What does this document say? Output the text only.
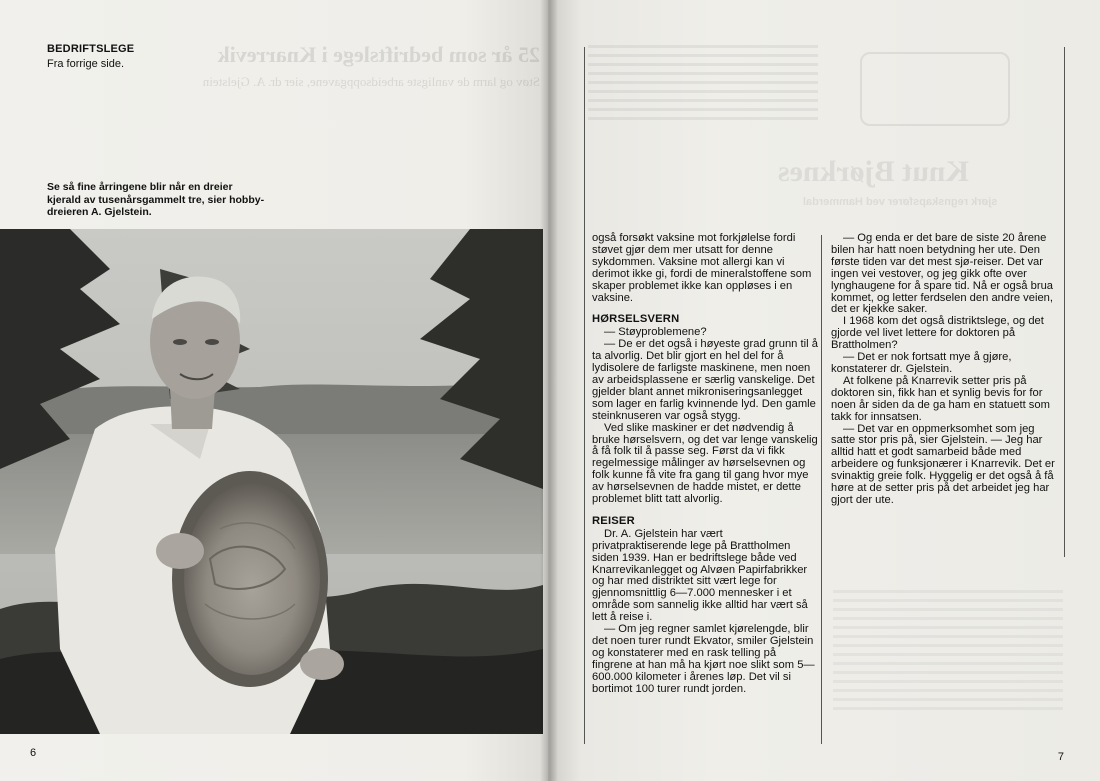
25 år som bedriftslege i Knarrevik
Støv og larm de vanligste arbeidsoppgavene, sier dr. A. Gjelstein
BEDRIFTSLEGE
Fra forrige side.
Se så fine årringene blir når en dreier kjerald av tusenårsgammelt tre, sier hobby-dreieren A. Gjelstein.
6
Knut Bjørknes
sjørk regnskapsfører ved Hammerdal

også forsøkt vaksine mot forkjølelse fordi støvet gjør dem mer utsatt for denne sykdommen. Vaksine mot allergi kan vi derimot ikke gi, fordi de mineralstoffene som skaper problemet ikke kan oppløses i en vaksine.

HØRSELSVERN

— Støyproblemene?

— De er det også i høyeste grad grunn til å ta alvorlig. Det blir gjort en hel del for å lydisolere de farligste maskinene, men noen av arbeidsplassene er særlig vanskelige. Det gjelder blant annet mikroniseringsanlegget som lager en farlig kvinnende lyd. Den gamle steinknuseren var også stygg.

Ved slike maskiner er det nødvendig å bruke hørselsvern, og det var lenge vanskelig å få folk til å passe seg. Først da vi fikk regelmessige målinger av hørselsevnen og folk kunne få vite fra gang til gang hvor mye av hørselsevnen de hadde mistet, er dette problemet blitt tatt alvorlig.

REISER

Dr. A. Gjelstein har vært privatpraktiserende lege på Brattholmen siden 1939. Han er bedriftslege både ved Knarrevikanlegget og Alvøen Papirfabrikker og har med distriktet sitt vært lege for gjennomsnittlig 6—7.000 mennesker i et område som sannelig ikke alltid har vært så lett å reise i.

— Om jeg regner samlet kjørelengde, blir det noen turer rundt Ekvator, smiler Gjelstein og konstaterer med en rask telling på fingrene at han må ha kjørt noe slikt som 5—600.000 kilometer i årenes løp. Det vil si bortimot 100 turer rundt jorden.

— Og enda er det bare de siste 20 årene bilen har hatt noen betydning her ute. Den første tiden var det mest sjø-reiser. Det var ingen vei vestover, og jeg gikk ofte over lynghaugene for å spare tid. Nå er også brua kommet, og letter ferdselen den andre veien, det er kjekke saker.

I 1968 kom det også distriktslege, og det gjorde vel livet lettere for doktoren på Brattholmen?

— Det er nok fortsatt mye å gjøre, konstaterer dr. Gjelstein.

At folkene på Knarrevik setter pris på doktoren sin, fikk han et synlig bevis for for noen år siden da de ga ham en statuett som takk for innsatsen.

— Det var en oppmerksomhet som jeg satte stor pris på, sier Gjelstein. — Jeg har alltid hatt et godt samarbeid både med arbeidere og funksjonærer i Knarrevik. Det er svinaktig greie folk. Hyggelig er det også å få høre at de setter pris på det arbeidet jeg har gjort der ute.

7
